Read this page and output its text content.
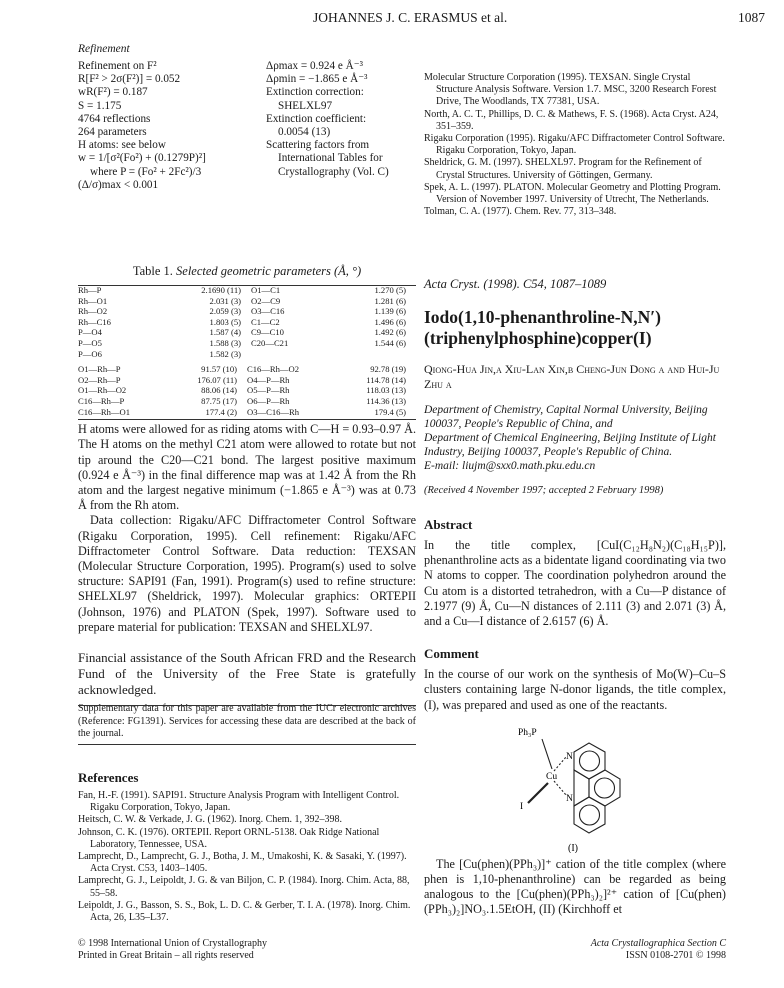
JOHANNES J. C. ERASMUS et al.	1087
Refinement
Refinement on F²
R[F² > 2σ(F²)] = 0.052
wR(F²) = 0.187
S = 1.175
4764 reflections
264 parameters
H atoms: see below
w = 1/[σ²(Fo²) + (0.1279P)²]
where P = (Fo² + 2Fc²)/3
(Δ/σ)max < 0.001
Δρmax = 0.924 e Å⁻³
Δρmin = −1.865 e Å⁻³
Extinction correction:
SHELXL97
Extinction coefficient:
0.0054 (13)
Scattering factors from
International Tables for
Crystallography (Vol. C)
Table 1. Selected geometric parameters (Å, °)
Rh—P	2.1690 (11)	O1—C1	1.270 (5)
Rh—O1	2.031 (3)	O2—C9	1.281 (6)
Rh—O2	2.059 (3)	O3—C16	1.139 (6)
Rh—C16	1.803 (5)	C1—C2	1.496 (6)
P—O4	1.587 (4)	C9—C10	1.492 (6)
P—O5	1.588 (3)	C20—C21	1.544 (6)
P—O6	1.582 (3)		
O1—Rh—P	91.57 (10)	C16—Rh—O2	92.78 (19)
O2—Rh—P	176.07 (11)	O4—P—Rh	114.78 (14)
O1—Rh—O2	88.06 (14)	O5—P—Rh	118.03 (13)
C16—Rh—P	87.75 (17)	O6—P—Rh	114.36 (13)
C16—Rh—O1	177.4 (2)	O3—C16—Rh	179.4 (5)
H atoms were allowed for as riding atoms with C—H = 0.93–0.97 Å. The H atoms on the methyl C21 atom were allowed to rotate but not tip around the C20—C21 bond. The largest positive maximum (0.924 e Å⁻³) in the final difference map was at 1.42 Å from the Rh atom and the largest negative minimum (−1.865 e Å⁻³) was at 0.73 Å from the Rh atom.
Data collection: Rigaku/AFC Diffractometer Control Software (Rigaku Corporation, 1995). Cell refinement: Rigaku/AFC Diffractometer Control Software. Data reduction: TEXSAN (Molecular Structure Corporation, 1995). Program(s) used to solve structure: SAPI91 (Fan, 1991). Program(s) used to refine structure: SHELXL97 (Sheldrick, 1997). Molecular graphics: ORTEPII (Johnson, 1976) and PLATON (Spek, 1997). Software used to prepare material for publication: TEXSAN and SHELXL97.
Financial assistance of the South African FRD and the Research Fund of the University of the Free State is gratefully acknowledged.
Supplementary data for this paper are available from the IUCr electronic archives (Reference: FG1391). Services for accessing these data are described at the back of the journal.
References

Fan, H.-F. (1991). SAPI91. Structure Analysis Program with Intelligent Control. Rigaku Corporation, Tokyo, Japan.

Heitsch, C. W. & Verkade, J. G. (1962). Inorg. Chem. 1, 392–398.

Johnson, C. K. (1976). ORTEPII. Report ORNL-5138. Oak Ridge National Laboratory, Tennessee, USA.

Lamprecht, D., Lamprecht, G. J., Botha, J. M., Umakoshi, K. & Sasaki, Y. (1997). Acta Cryst. C53, 1403–1405.

Lamprecht, G. J., Leipoldt, J. G. & van Biljon, C. P. (1984). Inorg. Chim. Acta, 88, 55–58.

Leipoldt, J. G., Basson, S. S., Bok, L. D. C. & Gerber, T. I. A. (1978). Inorg. Chim. Acta, 26, L35–L37.

Molecular Structure Corporation (1995). TEXSAN. Single Crystal Structure Analysis Software. Version 1.7. MSC, 3200 Research Forest Drive, The Woodlands, TX 77381, USA.

North, A. C. T., Phillips, D. C. & Mathews, F. S. (1968). Acta Cryst. A24, 351–359.

Rigaku Corporation (1995). Rigaku/AFC Diffractometer Control Software. Rigaku Corporation, Tokyo, Japan.

Sheldrick, G. M. (1997). SHELXL97. Program for the Refinement of Crystal Structures. University of Göttingen, Germany.

Spek, A. L. (1997). PLATON. Molecular Geometry and Plotting Program. Version of November 1997. University of Utrecht, The Netherlands.

Tolman, C. A. (1977). Chem. Rev. 77, 313–348.

Acta Cryst. (1998). C54, 1087–1089
Iodo(1,10-phenanthroline-N,N′)(triphenylphosphine)copper(I)
Qiong-Hua Jin,a Xiu-Lan Xin,b Cheng-Jun Dong a and Hui-Ju Zhu a
Department of Chemistry, Capital Normal University, Beijing 100037, People's Republic of China, and
Department of Chemical Engineering, Beijing Institute of Light Industry, Beijing 100037, People's Republic of China.
E-mail: liujm@sxx0.math.pku.edu.cn
(Received 4 November 1997; accepted 2 February 1998)
Abstract
In the title complex, [CuI(C₁₂H₈N₂)(C₁₈H₁₅P)], phenanthroline acts as a bidentate ligand coordinating via two N atoms to copper. The coordination polyhedron around the Cu atom is a distorted tetrahedron, with a Cu—P distance of 2.1977 (9) Å, Cu—N distances of 2.111 (3) and 2.071 (3) Å, and a Cu—I distance of 2.6157 (6) Å.
Comment
In the course of our work on the synthesis of Mo(W)–Cu–S clusters containing large N-donor ligands, the title complex, (I), was prepared and used as one of the reactants.
Ph₃P
Cu
N
N
I
(I)
The [Cu(phen)(PPh₃)]⁺ cation of the title complex (where phen is 1,10-phenanthroline) can be regarded as being analogous to the [Cu(phen)(PPh₃)₂]²⁺ cation of [Cu(phen)(PPh₃)₂]NO₃.1.5EtOH, (II) (Kirchhoff et
© 1998 International Union of Crystallography
Printed in Great Britain – all rights reserved
Acta Crystallographica Section C
ISSN 0108-2701 © 1998
